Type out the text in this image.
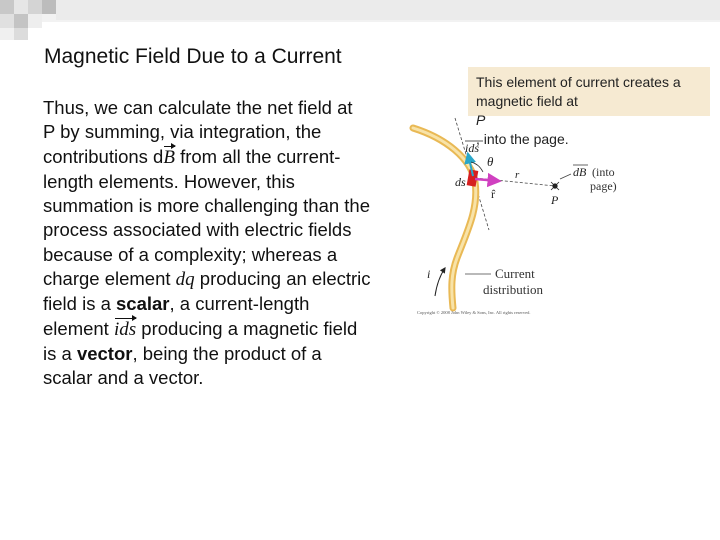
Magnetic Field Due to a Current
Thus, we can calculate the net field at
P by summing, via integration, the
contributions dB from all the current-
length elements. However, this
summation is more challenging than the
process associated with electric fields
because of a complexity; whereas a
charge element dq producing an electric
field is a scalar, a current-length
element ids producing a magnetic field
is a vector, being the product of a
scalar and a vector.
This element of current creates a
magnetic field at
P
, into the page.
ids
θ
ds	r
r̂
dB (into
page)
P
i	Current
distribution
Copyright © 2008 John Wiley & Sons, Inc. All rights reserved.
